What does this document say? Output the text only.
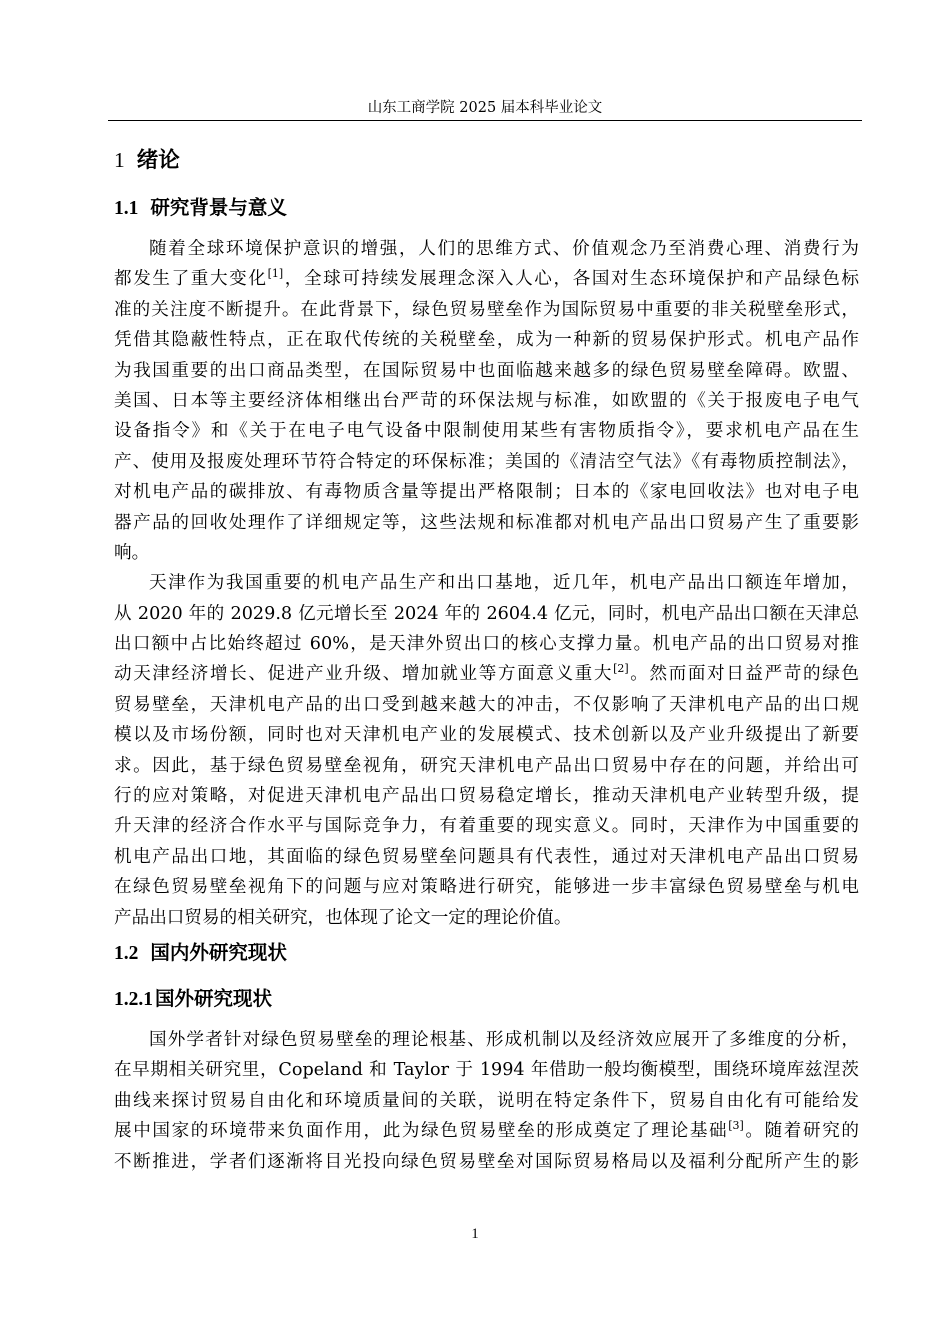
山东工商学院 2025 届本科毕业论文
1 绪论
1.1 研究背景与意义
随着全球环境保护意识的增强，人们的思维方式、价值观念乃至消费心理、消费行为
都发生了重大变化[1]，全球可持续发展理念深入人心，各国对生态环境保护和产品绿色标
准的关注度不断提升。在此背景下，绿色贸易壁垒作为国际贸易中重要的非关税壁垒形式，
凭借其隐蔽性特点，正在取代传统的关税壁垒，成为一种新的贸易保护形式。机电产品作
为我国重要的出口商品类型，在国际贸易中也面临越来越多的绿色贸易壁垒障碍。欧盟、
美国、日本等主要经济体相继出台严苛的环保法规与标准，如欧盟的《关于报废电子电气
设备指令》和《关于在电子电气设备中限制使用某些有害物质指令》，要求机电产品在生
产、使用及报废处理环节符合特定的环保标准；美国的《清洁空气法》《有毒物质控制法》，
对机电产品的碳排放、有毒物质含量等提出严格限制；日本的《家电回收法》也对电子电
器产品的回收处理作了详细规定等，这些法规和标准都对机电产品出口贸易产生了重要影
响。
天津作为我国重要的机电产品生产和出口基地，近几年，机电产品出口额连年增加，
从 2020 年的 2029.8 亿元增长至 2024 年的 2604.4 亿元，同时，机电产品出口额在天津总
出口额中占比始终超过 60%，是天津外贸出口的核心支撑力量。机电产品的出口贸易对推
动天津经济增长、促进产业升级、增加就业等方面意义重大[2]。然而面对日益严苛的绿色
贸易壁垒，天津机电产品的出口受到越来越大的冲击，不仅影响了天津机电产品的出口规
模以及市场份额，同时也对天津机电产业的发展模式、技术创新以及产业升级提出了新要
求。因此，基于绿色贸易壁垒视角，研究天津机电产品出口贸易中存在的问题，并给出可
行的应对策略，对促进天津机电产品出口贸易稳定增长，推动天津机电产业转型升级，提
升天津的经济合作水平与国际竞争力，有着重要的现实意义。同时，天津作为中国重要的
机电产品出口地，其面临的绿色贸易壁垒问题具有代表性，通过对天津机电产品出口贸易
在绿色贸易壁垒视角下的问题与应对策略进行研究，能够进一步丰富绿色贸易壁垒与机电
产品出口贸易的相关研究，也体现了论文一定的理论价值。
1.2 国内外研究现状
1.2.1 国外研究现状
国外学者针对绿色贸易壁垒的理论根基、形成机制以及经济效应展开了多维度的分析，
在早期相关研究里，Copeland 和 Taylor 于 1994 年借助一般均衡模型，围绕环境库兹涅茨
曲线来探讨贸易自由化和环境质量间的关联，说明在特定条件下，贸易自由化有可能给发
展中国家的环境带来负面作用，此为绿色贸易壁垒的形成奠定了理论基础[3]。随着研究的
不断推进，学者们逐渐将目光投向绿色贸易壁垒对国际贸易格局以及福利分配所产生的影
1
